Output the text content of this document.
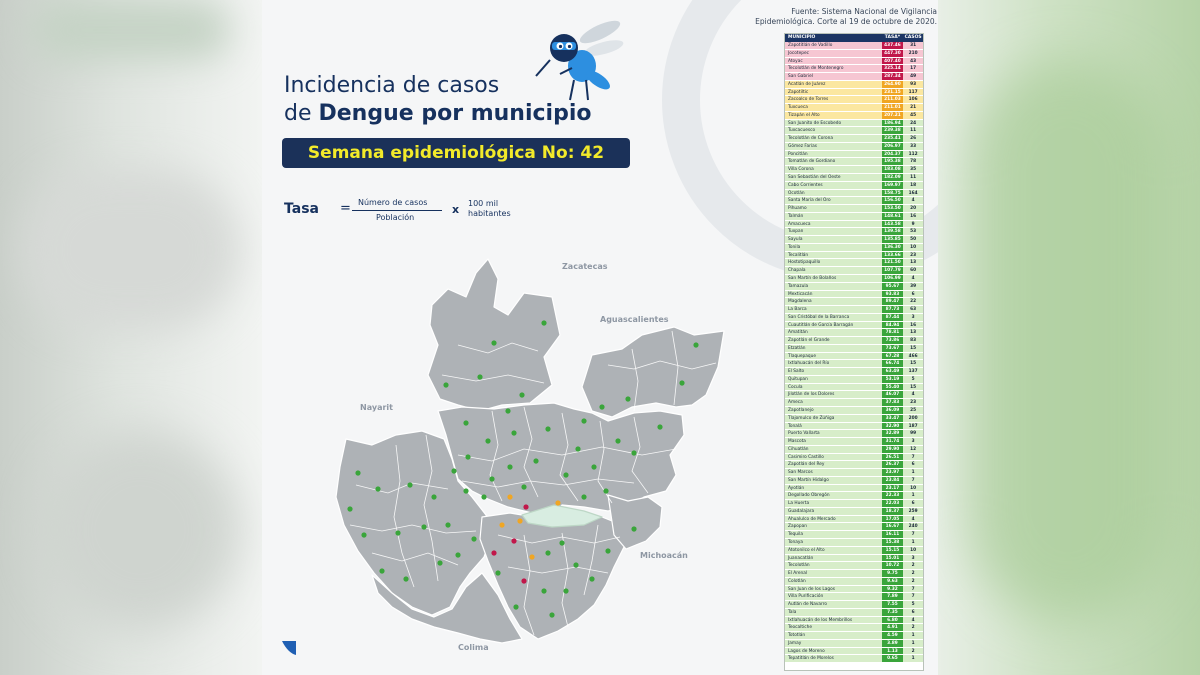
Incidencia de casos
de Dengue por municipio
Semana epidemiológica No: 42
Tasa = Número de casos
Población
x 100 mil
habitantes
Fuente: Sistema Nacional de Vigilancia
Epidemiológica. Corte al 19 de octubre de 2020.
Zacatecas
Aguascalientes
Nayarit
Michoacán
Colima
MUNICIPIO	TASA*	CASOS
Zapotitlán de Vadillo	437.46	31
Jocotepec	447.30	210
Atoyac	407.40	43
Tecolotlán de Montenegro	325.14	17
San Gabriel	287.34	49
Acatlán de Juárez	264.90	93
Zapotiltic	231.15	117
Zacoalco de Torres	211.03	106
Tuxcueca	211.01	21
Tizapán el Alto	207.21	45
San Juanito de Escobedo	186.94	24
Tuxcacuesco	239.38	11
Tecolotlán de Corona	235.41	26
Gómez Farías	206.97	33
Poncitlán	204.37	112
Tomatlán de Gordiano	195.38	78
Villa Corona	183.08	35
San Sebastián del Oeste	182.09	11
Cabo Corrientes	169.97	18
Ocotlán	158.75	164
Santa María del Oro	156.50	4
Pihuamo	153.50	20
Talmán	148.61	16
Amacueca	143.58	9
Tuxpan	139.58	53
Sayula	135.85	50
Tonila	136.30	10
Tecalitlán	133.66	23
Hostotipaquillo	121.50	13
Chapala	107.79	60
San Martín de Bolaños	106.99	4
Tamazula	95.67	39
Mexticacán	93.83	6
Magdalena	89.47	22
La Barca	87.73	63
San Cristóbal de la Barranca	87.44	3
Cuautitlán de García Barragán	84.94	16
Amatitán	78.81	13
Zapotlán el Grande	73.86	83
Etzatlán	73.67	15
Tlaquepaque	67.28	466
Ixtlahuacán del Río	66.74	15
El Salto	63.49	137
Quitupan	53.19	5
Cocula	55.40	15
Jilotlán de los Dolores	46.07	4
Ameca	37.83	23
Zapotlanejo	36.09	25
Tlajomulco de Zúñiga	33.47	200
Tonalá	32.90	187
Puerto Vallarta	32.89	99
Mascota	31.74	3
Cihuatlán	29.90	12
Casimiro Castillo	26.51	7
Zapotlán del Rey	26.37	6
San Marcos	23.97	1
San Martín Hidalgo	23.84	7
Ayotlán	23.17	10
Degollado Obregón	22.33	1
La Huerta	22.03	6
Guadalajara	18.37	259
Ahualulco de Mercado	17.05	4
Zapopan	16.67	240
Tequila	16.11	7
Tonaya	15.38	1
Atotonilco el Alto	15.15	10
Juanacatlán	15.01	3
Tecolotlán	10.72	2
El Arenal	9.75	2
Colotlán	9.63	2
San Juan de los Lagos	9.32	7
Villa Purificación	7.89	7
Autlán de Navarro	7.55	5
Tala	7.35	6
Ixtlahuacán de los Membrillos	6.80	4
Teocaltiche	4.91	2
Tototlán	4.59	1
Jamay	3.89	1
Lagos de Moreno	1.13	2
Tepatitlán de Morelos	0.65	1
